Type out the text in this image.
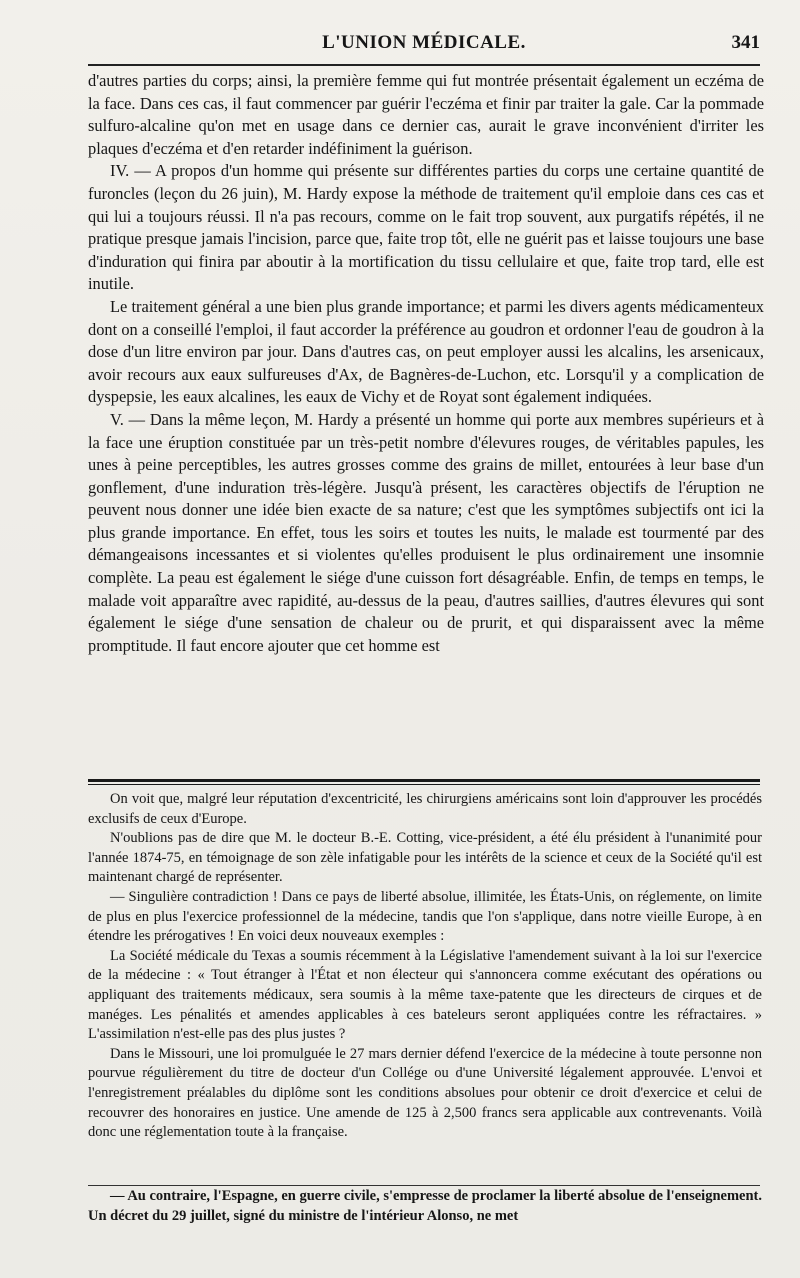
L'UNION MÉDICALE.	341

d'autres parties du corps; ainsi, la première femme qui fut montrée présentait également un eczéma de la face. Dans ces cas, il faut commencer par guérir l'eczéma et finir par traiter la gale. Car la pommade sulfuro-alcaline qu'on met en usage dans ce dernier cas, aurait le grave inconvénient d'irriter les plaques d'eczéma et d'en retarder indéfiniment la guérison.

IV. — A propos d'un homme qui présente sur différentes parties du corps une certaine quantité de furoncles (leçon du 26 juin), M. Hardy expose la méthode de traitement qu'il emploie dans ces cas et qui lui a toujours réussi. Il n'a pas recours, comme on le fait trop souvent, aux purgatifs répétés, il ne pratique presque jamais l'incision, parce que, faite trop tôt, elle ne guérit pas et laisse toujours une base d'induration qui finira par aboutir à la mortification du tissu cellulaire et que, faite trop tard, elle est inutile.

Le traitement général a une bien plus grande importance; et parmi les divers agents médicamenteux dont on a conseillé l'emploi, il faut accorder la préférence au goudron et ordonner l'eau de goudron à la dose d'un litre environ par jour. Dans d'autres cas, on peut employer aussi les alcalins, les arsenicaux, avoir recours aux eaux sulfureuses d'Ax, de Bagnères-de-Luchon, etc. Lorsqu'il y a complication de dyspepsie, les eaux alcalines, les eaux de Vichy et de Royat sont également indiquées.

V. — Dans la même leçon, M. Hardy a présenté un homme qui porte aux membres supérieurs et à la face une éruption constituée par un très-petit nombre d'élevures rouges, de véritables papules, les unes à peine perceptibles, les autres grosses comme des grains de millet, entourées à leur base d'un gonflement, d'une induration très-légère. Jusqu'à présent, les caractères objectifs de l'éruption ne peuvent nous donner une idée bien exacte de sa nature; c'est que les symptômes subjectifs ont ici la plus grande importance. En effet, tous les soirs et toutes les nuits, le malade est tourmenté par des démangeaisons incessantes et si violentes qu'elles produisent le plus ordinairement une insomnie complète. La peau est également le siége d'une cuisson fort désagréable. Enfin, de temps en temps, le malade voit apparaître avec rapidité, au-dessus de la peau, d'autres saillies, d'autres élevures qui sont également le siége d'une sensation de chaleur ou de prurit, et qui disparaissent avec la même promptitude. Il faut encore ajouter que cet homme est

On voit que, malgré leur réputation d'excentricité, les chirurgiens américains sont loin d'approuver les procédés exclusifs de ceux d'Europe.

N'oublions pas de dire que M. le docteur B.-E. Cotting, vice-président, a été élu président à l'unanimité pour l'année 1874-75, en témoignage de son zèle infatigable pour les intérêts de la science et ceux de la Société qu'il est maintenant chargé de représenter.

— Singulière contradiction ! Dans ce pays de liberté absolue, illimitée, les États-Unis, on réglemente, on limite de plus en plus l'exercice professionnel de la médecine, tandis que l'on s'applique, dans notre vieille Europe, à en étendre les prérogatives ! En voici deux nouveaux exemples :

La Société médicale du Texas a soumis récemment à la Législative l'amendement suivant à la loi sur l'exercice de la médecine : « Tout étranger à l'État et non électeur qui s'annoncera comme exécutant des opérations ou appliquant des traitements médicaux, sera soumis à la même taxe-patente que les directeurs de cirques et de manéges. Les pénalités et amendes applicables à ces bateleurs seront appliquées contre les réfractaires. » L'assimilation n'est-elle pas des plus justes ?

Dans le Missouri, une loi promulguée le 27 mars dernier défend l'exercice de la médecine à toute personne non pourvue régulièrement du titre de docteur d'un Collége ou d'une Université légalement approuvée. L'envoi et l'enregistrement préalables du diplôme sont les conditions absolues pour obtenir ce droit d'exercice et celui de recouvrer des honoraires en justice. Une amende de 125 à 2,500 francs sera applicable aux contrevenants. Voilà donc une réglementation toute à la française.

— Au contraire, l'Espagne, en guerre civile, s'empresse de proclamer la liberté absolue de l'enseignement. Un décret du 29 juillet, signé du ministre de l'intérieur Alonso, ne met
